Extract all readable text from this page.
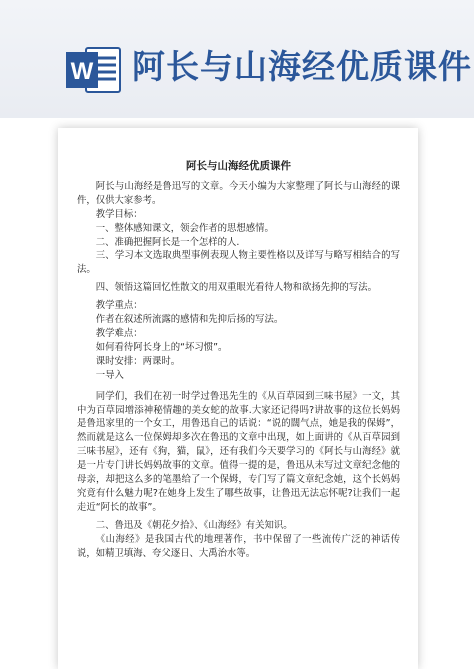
W 阿长与山海经优质课件
阿长与山海经优质课件

阿长与山海经是鲁迅写的文章。今天小编为大家整理了阿长与山海经的课件，仅供大家参考。

教学目标：

一、整体感知课文，领会作者的思想感情。

二、准确把握阿长是一个怎样的人.

三、学习本文选取典型事例表现人物主要性格以及详写与略写相结合的写法。

四、领悟这篇回忆性散文的用双重眼光看待人物和欲扬先抑的写法。

教学重点：

作者在叙述所流露的感情和先抑后扬的写法。

教学难点：

如何看待阿长身上的“坏习惯”。

课时安排：两课时。

一导入

同学们，我们在初一时学过鲁迅先生的《从百草园到三味书屋》一文，其中为百草园增添神秘情趣的美女蛇的故事.大家还记得吗?讲故事的这位长妈妈是鲁迅家里的一个女工，用鲁迅自己的话说：“说的闊气点，她是我的保姆”，然而就是这么一位保姆却多次在鲁迅的文章中出现，如上面讲的《从百草园到三味书屋》，还有《狗，猫，鼠》，还有我们今天要学习的《阿长与山海经》就是一片专门讲长妈妈故事的文章。值得一提的是，鲁迅从未写过文章纪念他的母亲，却把这么多的笔墨给了一个保姆，专门写了篇文章纪念她，这个长妈妈究竟有什么魅力呢?在她身上发生了哪些故事，让鲁迅无法忘怀呢?让我们一起走近“阿长的故事”。

二、鲁迅及《朝花夕拾》、《山海经》有关知识。

《山海经》是我国古代的地理著作，书中保留了一些流传广泛的神话传说，如精卫填海、夸父逐日、大禹治水等。
